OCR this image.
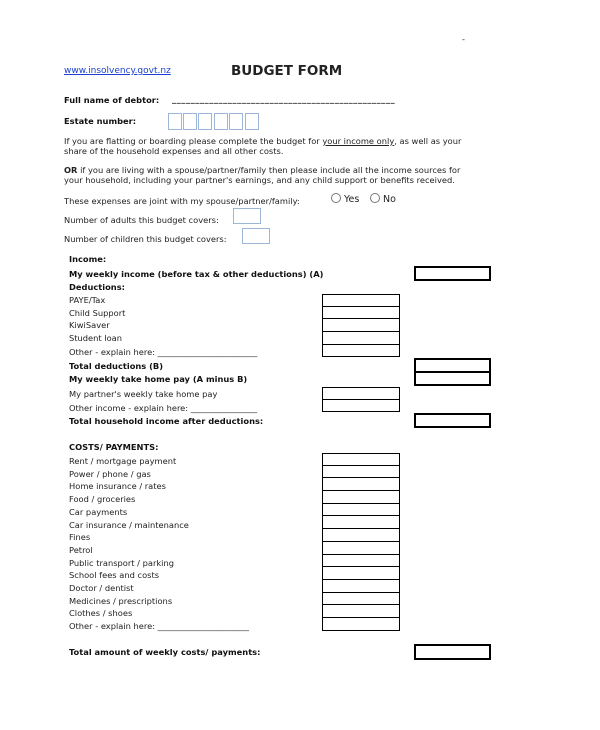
-
www.insolvency.govt.nz	BUDGET FORM
Full name of debtor: ________________________________________________
Estate number:
If you are flatting or boarding please complete the budget for your income only, as well as your
share of the household expenses and all other costs.
OR if you are living with a spouse/partner/family then please include all the income sources for
your household, including your partner's earnings, and any child support or benefits received.
These expenses are joint with my spouse/partner/family:	Yes	No
Number of adults this budget covers:
Number of children this budget covers:
Income:
My weekly income (before tax & other deductions) (A)
Deductions:
PAYE/Tax
Child Support
KiwiSaver
Student loan
Other - explain here: ________________________
Total deductions (B)
My weekly take home pay (A minus B)
My partner's weekly take home pay
Other income - explain here: ________________
Total household income after deductions:
COSTS/ PAYMENTS:
Rent / mortgage payment
Power / phone / gas
Home insurance / rates
Food / groceries
Car payments
Car insurance / maintenance
Fines
Petrol
Public transport / parking
School fees and costs
Doctor / dentist
Medicines / prescriptions
Clothes / shoes
Other - explain here: ______________________
Total amount of weekly costs/ payments:
